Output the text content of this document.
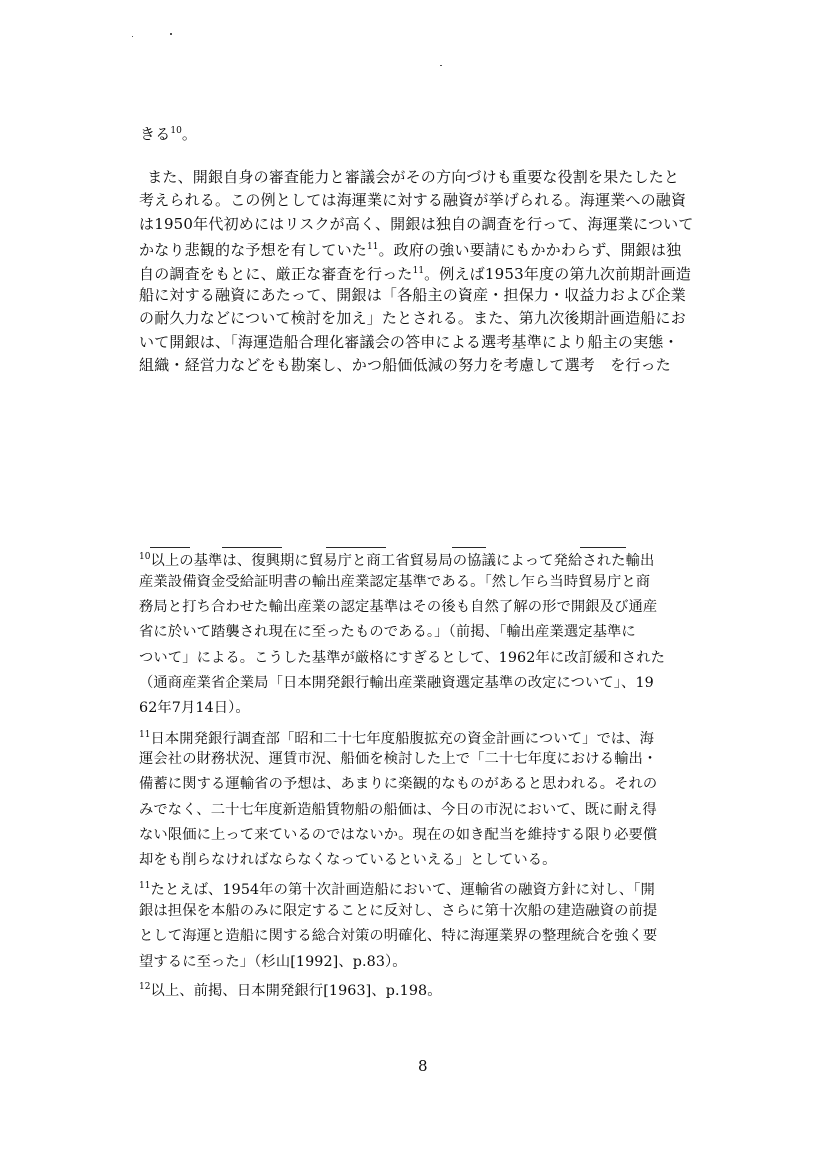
きる$^{10}$。
　また、開銀自身の審査能力と審議会がその方向づけも重要な役割を果たしたと
考えられる。この例としては海運業に対する融資が挙げられる。海運業への融資
は1950年代初めにはリスクが高く、開銀は独自の調査を行って、海運業について
かなり悲観的な予想を有していた$^{11}$。政府の強い要請にもかかわらず、開銀は独
自の調査をもとに、厳正な審査を行った$^{11}$。例えば1953年度の第九次前期計画造
船に対する融資にあたって、開銀は「各船主の資産・担保力・収益力および企業
の耐久力などについて検討を加え」たとされる。また、第九次後期計画造船にお
いて開銀は、「海運造船合理化審議会の答申による選考基準により船主の実態・
組織・経営力などをも勘案し、かつ船価低減の努力を考慮して選考　を行った
$^{10}$以上の基準は、復興期に貿易庁と商工省貿易局の協議によって発給された輸出
産業設備資金受給証明書の輸出産業認定基準である。「然し乍ら当時貿易庁と商
務局と打ち合わせた輸出産業の認定基準はその後も自然了解の形で開銀及び通産
省に於いて踏襲され現在に至ったものである。」（前掲、「輸出産業選定基準に
ついて」による。こうした基準が厳格にすぎるとして、1962年に改訂緩和された
（通商産業省企業局「日本開発銀行輸出産業融資選定基準の改定について」、19
62年7月14日）。
$^{11}$日本開発銀行調査部「昭和二十七年度船腹拡充の資金計画について」では、海
運会社の財務状況、運賃市況、船価を検討した上で「二十七年度における輸出・
備蓄に関する運輸省の予想は、あまりに楽観的なものがあると思われる。それの
みでなく、二十七年度新造船賃物船の船価は、今日の市況において、既に耐え得
ない限価に上って来ているのではないか。現在の如き配当を維持する限り必要償
却をも削らなければならなくなっているといえる」としている。
$^{11}$たとえば、1954年の第十次計画造船において、運輸省の融資方針に対し、「開
銀は担保を本船のみに限定することに反対し、さらに第十次船の建造融資の前提
として海運と造船に関する総合対策の明確化、特に海運業界の整理統合を強く要
望するに至った」（杉山[1992]、p.83）。
$^{12}$以上、前掲、日本開発銀行[1963]、p.198。
8
